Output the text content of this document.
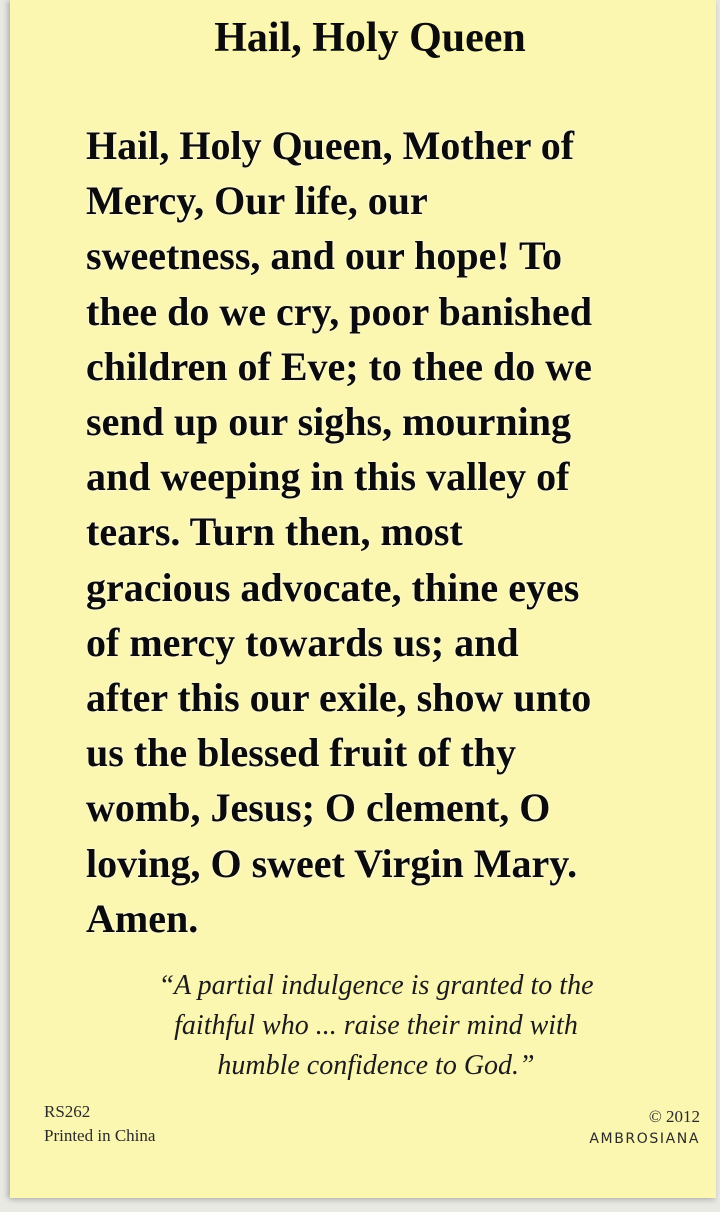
Hail, Holy Queen
Hail, Holy Queen, Mother of
Mercy, Our life, our
sweetness, and our hope! To
thee do we cry, poor banished
children of Eve; to thee do we
send up our sighs, mourning
and weeping in this valley of
tears. Turn then, most
gracious advocate, thine eyes
of mercy towards us; and
after this our exile, show unto
us the blessed fruit of thy
womb, Jesus; O clement, O
loving, O sweet Virgin Mary.
Amen.
“A partial indulgence is granted to the
faithful who ... raise their mind with
humble confidence to God.”
RS262
Printed in China
© 2012
AMBROSIANA
